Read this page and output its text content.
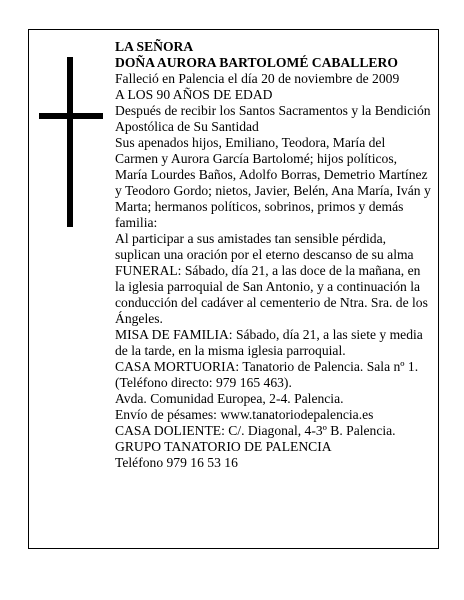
LA SEÑORA

DOÑA AURORA BARTOLOMÉ CABALLERO

Falleció en Palencia el día 20 de noviembre de 2009

A LOS 90 AÑOS DE EDAD

Después de recibir los Santos Sacramentos y la Bendición Apostólica de Su Santidad

Sus apenados hijos, Emiliano, Teodora, María del Carmen y Aurora García Bartolomé; hijos políticos, María Lourdes Baños, Adolfo Borras, Demetrio Martínez y Teodoro Gordo; nietos, Javier, Belén, Ana María, Iván y Marta; hermanos políticos, sobrinos, primos y demás familia:

Al participar a sus amistades tan sensible pérdida, suplican una oración por el eterno descanso de su alma

FUNERAL: Sábado, día 21, a las doce de la mañana, en la iglesia parroquial de San Antonio, y a continuación la conducción del cadáver al cementerio de Ntra. Sra. de los Ángeles.

MISA DE FAMILIA: Sábado, día 21, a las siete y media de la tarde, en la misma iglesia parroquial.

CASA MORTUORIA: Tanatorio de Palencia. Sala nº 1. (Teléfono directo: 979 165 463).

Avda. Comunidad Europea, 2-4. Palencia.

Envío de pésames: www.tanatoriodepalencia.es

CASA DOLIENTE: C/. Diagonal, 4-3º B. Palencia.

GRUPO TANATORIO DE PALENCIA

Teléfono 979 16 53 16
